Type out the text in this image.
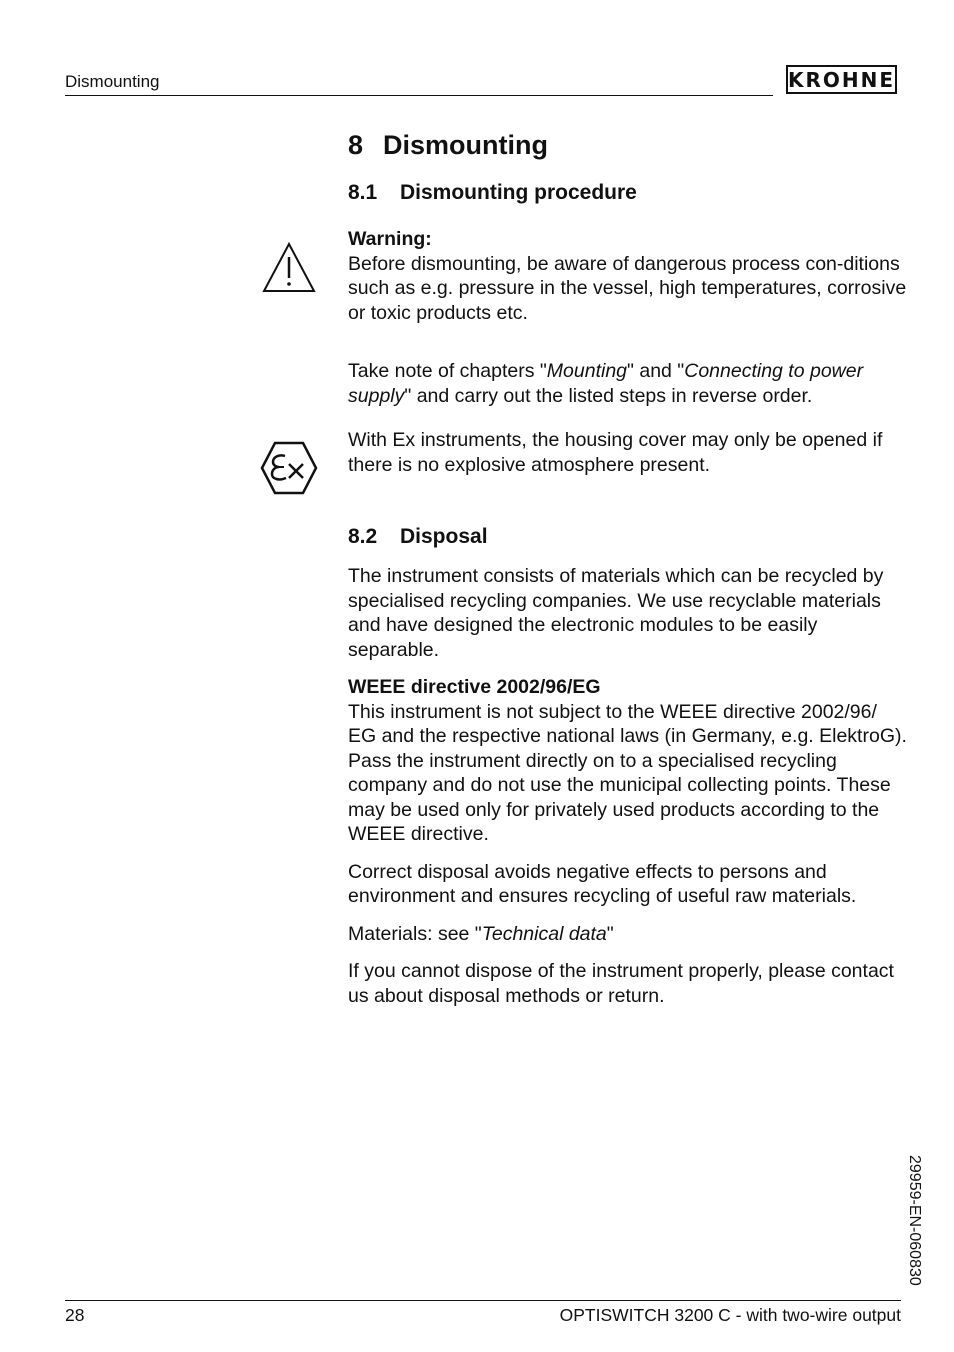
Dismounting	KROHNE
8 Dismounting
8.1 Dismounting procedure

Warning:
Before dismounting, be aware of dangerous process con-ditions such as e.g. pressure in the vessel, high temperatures, corrosive or toxic products etc.

Take note of chapters "Mounting" and "Connecting to power supply" and carry out the listed steps in reverse order.

With Ex instruments, the housing cover may only be opened if there is no explosive atmosphere present.

8.2 Disposal

The instrument consists of materials which can be recycled by specialised recycling companies. We use recyclable materials and have designed the electronic modules to be easily separable.

WEEE directive 2002/96/EG
This instrument is not subject to the WEEE directive 2002/96/ EG and the respective national laws (in Germany, e.g. ElektroG). Pass the instrument directly on to a specialised recycling company and do not use the municipal collecting points. These may be used only for privately used products according to the WEEE directive.

Correct disposal avoids negative effects to persons and environment and ensures recycling of useful raw materials.

Materials: see "Technical data"

If you cannot dispose of the instrument properly, please contact us about disposal methods or return.

29959-EN-060830
28	OPTISWITCH 3200 C - with two-wire output
